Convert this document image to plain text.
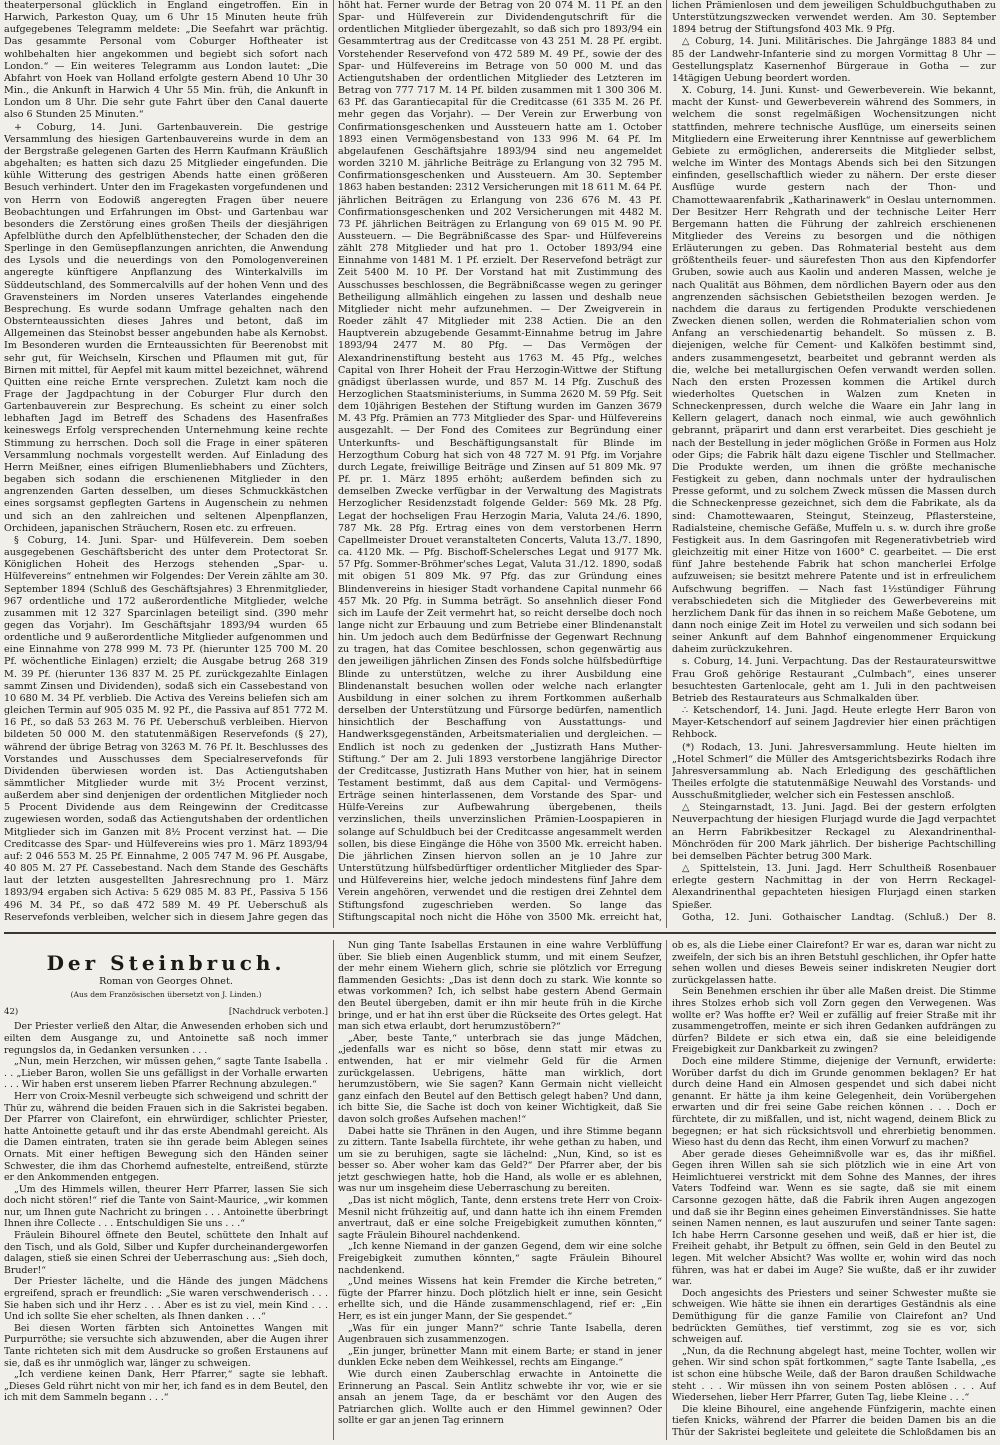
theaterpersonal glücklich in England eingetroffen. Ein in Harwich, Parkeston Quay, um 6 Uhr 15 Minuten heute früh aufgegebenes Telegramm meldete: „Die Seefahrt war prächtig. Das gesammte Personal vom Coburger Hoftheater ist wohlbehalten hier angekommen und begiebt sich sofort nach London.“ — Ein weiteres Telegramm aus London lautet: „Die Abfahrt von Hoek van Holland erfolgte gestern Abend 10 Uhr 30 Min., die Ankunft in Harwich 4 Uhr 55 Min. früh, die Ankunft in London um 8 Uhr. Die sehr gute Fahrt über den Canal dauerte also 6 Stunden 25 Minuten.“

+ Coburg, 14. Juni. Gartenbauverein. Die gestrige Versammlung des hiesigen Gartenbauvereins wurde in dem an der Bergstraße gelegenen Garten des Herrn Kaufmann Kräußlich abgehalten; es hatten sich dazu 25 Mitglieder eingefunden. Die kühle Witterung des gestrigen Abends hatte einen größeren Besuch verhindert. Unter den im Fragekasten vorgefundenen und von Herrn von Eodowiß angeregten Fragen über neuere Beobachtungen und Erfahrungen im Obst- und Gartenbau war besonders die Zerstörung eines großen Theils der diesjährigen Apfelblüthe durch den Apfelblüthenstecher, der Schaden den die Sperlinge in den Gemüsepflanzungen anrichten, die Anwendung des Lysols und die neuerdings von den Pomologenvereinen angeregte künftigere Anpflanzung des Winterkalvills im Süddeutschland, des Sommercalvills auf der hohen Venn und des Gravensteiners im Norden unseres Vaterlandes eingehende Besprechung. Es wurde sodann Umfrage gehalten nach den Obsternteaussichten dieses Jahres und betont, daß im Allgemeinen das Steinobst besser angebunden habe als Kernobst. Im Besonderen wurden die Ernteaussichten für Beerenobst mit sehr gut, für Weichseln, Kirschen und Pflaumen mit gut, für Birnen mit mittel, für Aepfel mit kaum mittel bezeichnet, während Quitten eine reiche Ernte versprechen. Zuletzt kam noch die Frage der Jagdpachtung in der Coburger Flur durch den Gartenbauverein zur Besprechung. Es scheint zu einer solch lebhaften Jagd im Betreff des Schadens des Hasenfraßes keineswegs Erfolg versprechenden Unternehmung keine rechte Stimmung zu herrschen. Doch soll die Frage in einer späteren Versammlung nochmals vorgestellt werden. Auf Einladung des Herrn Meißner, eines eifrigen Blumenliebhabers und Züchters, begaben sich sodann die erschienenen Mitglieder in den angrenzenden Garten desselben, um dieses Schmuckkästchen eines sorgsamst gepflegten Gartens in Augenschein zu nehmen und sich an den zahlreichen und seltenen Alpenpflanzen, Orchideen, japanischen Sträuchern, Rosen etc. zu erfreuen.

§ Coburg, 14. Juni. Spar- und Hülfeverein. Dem soeben ausgegebenen Geschäftsbericht des unter dem Protectorat Sr. Königlichen Hoheit des Herzogs stehenden „Spar- u. Hülfevereins“ entnehmen wir Folgendes: Der Verein zählte am 30. September 1894 (Schluß des Geschäftsjahres) 3 Ehrenmitglieder, 967 ordentliche und 172 außerordentliche Mitglieder, welche zusammen mit 12 327 Sparcinlagen beteiligt sind. (390 mehr gegen das Vorjahr). Im Geschäftsjahr 1893/94 wurden 65 ordentliche und 9 außerordentliche Mitglieder aufgenommen und eine Einnahme von 278 999 M. 73 Pf. (hierunter 125 700 M. 20 Pf. wöchentliche Einlagen) erzielt; die Ausgabe betrug 268 319 M. 39 Pf. (hierunter 136 837 M. 25 Pf. zurückgezahlte Einlagen sammt Zinsen und Dividenden), sodaß sich ein Cassebestand von 10 680 M. 34 Pf. verblieb. Die Activa des Vereins beliefen sich am gleichen Termin auf 905 035 M. 92 Pf., die Passiva auf 851 772 M. 16 Pf., so daß 53 263 M. 76 Pf. Ueberschuß verbleiben. Hiervon bildeten 50 000 M. den statutenmäßigen Reservefonds (§ 27), während der übrige Betrag von 3263 M. 76 Pf. lt. Beschlusses des Vorstandes und Ausschusses dem Specialreservefonds für Dividenden überwiesen worden ist. Das Actiengutshaben sämmtlicher Mitglieder wurde mit 3½ Procent verzinst, außerdem aber sind denjenigen der ordentlichen Mitglieder noch 5 Procent Dividende aus dem Reingewinn der Creditcasse zugewiesen worden, sodaß das Actiengutshaben der ordentlichen Mitglieder sich im Ganzen mit 8½ Procent verzinst hat. — Die Creditcasse des Spar- und Hülfevereins wies pro 1. März 1893/94 auf: 2 046 553 M. 25 Pf. Einnahme, 2 005 747 M. 96 Pf. Ausgabe, 40 805 M. 27 Pf. Cassebestand. Nach dem Stande des Geschäfts laut der letzten ausgestellten Jahresrechnung pro 1. März 1893/94 ergaben sich Activa: 5 629 085 M. 83 Pf., Passiva 5 156 496 M. 34 Pf., so daß 472 589 M. 49 Pf. Ueberschuß als Reservefonds verbleiben, welcher sich in diesem Jahre gegen das

höht hat. Ferner wurde der Betrag von 20 074 M. 11 Pf. an den Spar- und Hülfeverein zur Dividendengutschrift für die ordentlichen Mitglieder übergezahlt, so daß sich pro 1893/94 ein Gesammtertrag aus der Creditcasse von 43 251 M. 28 Pf. ergibt. Vorstehender Reservefond von 472 589 M. 49 Pf., sowie der des Spar- und Hülfevereins im Betrage von 50 000 M. und das Actiengutshaben der ordentlichen Mitglieder des Letzteren im Betrag von 777 717 M. 14 Pf. bilden zusammen mit 1 300 306 M. 63 Pf. das Garantiecapital für die Creditcasse (61 335 M. 26 Pf. mehr gegen das Vorjahr). — Der Verein zur Erwerbung von Confirmationsgeschenken und Aussteuern hatte am 1. October 1893 einen Vermögensbestand von 133 996 M. 64 Pf. Im abgelaufenen Geschäftsjahre 1893/94 sind neu angemeldet worden 3210 M. jährliche Beiträge zu Erlangung von 32 795 M. Confirmationsgeschenken und Aussteuern. Am 30. September 1863 haben bestanden: 2312 Versicherungen mit 18 611 M. 64 Pf. jährlichen Beiträgen zu Erlangung von 236 676 M. 43 Pf. Confirmationsgeschenken und 202 Versicherungen mit 4482 M. 73 Pf. jährlichen Beiträgen zu Erlangung von 69 015 M. 90 Pf. Aussteuern. — Die Begräbnißcasse des Spar- und Hülfevereins zählt 278 Mitglieder und hat pro 1. October 1893/94 eine Einnahme von 1481 M. 1 Pf. erzielt. Der Reservefond beträgt zur Zeit 5400 M. 10 Pf. Der Vorstand hat mit Zustimmung des Ausschusses beschlossen, die Begräbnißcasse wegen zu geringer Betheiligung allmählich eingehen zu lassen und deshalb neue Mitglieder nicht mehr aufzunehmen. — Der Zweigverein in Roeder zählt 47 Mitglieder mit 238 Actien. Die an den Hauptverein abzugebende Gesammt-Einnahme betrug im Jahre 1893/94 2477 M. 80 Pfg. — Das Vermögen der Alexandrinenstiftung besteht aus 1763 M. 45 Pfg., welches Capital von Ihrer Hoheit der Frau Herzogin-Wittwe der Stiftung gnädigst überlassen wurde, und 857 M. 14 Pfg. Zuschuß des Herzoglichen Staatsministeriums, in Summa 2620 M. 59 Pfg. Seit dem 10jährigen Bestehen der Stiftung wurden im Ganzen 3679 M. 43 Pfg. Prämien an 773 Mitglieder des Spar- und Hülfevereins ausgezahlt. — Der Fond des Comitees zur Begründung einer Unterkunfts- und Beschäftigungsanstalt für Blinde im Herzogthum Coburg hat sich von 48 727 M. 91 Pfg. im Vorjahre durch Legate, freiwillige Beiträge und Zinsen auf 51 809 Mk. 97 Pf. pr. 1. März 1895 erhöht; außerdem befinden sich zu demselben Zwecke verfügbar in der Verwaltung des Magistrats Herzoglicher Residenzstadt folgende Gelder: 569 Mk. 28 Pfg. Legat der hochseligen Frau Herzogin Maria, Valuta 24./6. 1890, 787 Mk. 28 Pfg. Ertrag eines von dem verstorbenen Herrn Capellmeister Drouet veranstalteten Concerts, Valuta 13./7. 1890, ca. 4120 Mk. — Pfg. Bischoff-Schelersches Legat und 9177 Mk. 57 Pfg. Sommer-Bröhmer'sches Legat, Valuta 31./12. 1890, sodaß mit obigen 51 809 Mk. 97 Pfg. das zur Gründung eines Blindenvereins in hiesiger Stadt vorhandene Capital nunmehr 66 457 Mk. 20 Pfg. in Summa beträgt. So ansehnlich dieser Fond sich im Laufe der Zeit vermehrt hat, so reicht derselbe doch noch lange nicht zur Erbauung und zum Betriebe einer Blindenanstalt hin. Um jedoch auch dem Bedürfnisse der Gegenwart Rechnung zu tragen, hat das Comitee beschlossen, schon gegenwärtig aus den jeweiligen jährlichen Zinsen des Fonds solche hülfsbedürftige Blinde zu unterstützen, welche zu ihrer Ausbildung eine Blindenanstalt besuchen wollen oder welche nach erlangter Ausbildung in einer solchen zu ihrem Fortkommen außerhalb derselben der Unterstützung und Fürsorge bedürfen, namentlich hinsichtlich der Beschaffung von Ausstattungs- und Handwerksgegenständen, Arbeitsmaterialien und dergleichen. — Endlich ist noch zu gedenken der „Justizrath Hans Muther-Stiftung.“ Der am 2. Juli 1893 verstorbene langjährige Director der Creditcasse, Justizrath Hans Muther von hier, hat in seinem Testament bestimmt, daß aus dem Capital- und Vermögens-Erträge seinen hinterlassenen, dem Vorstande des Spar- und Hülfe-Vereins zur Aufbewahrung übergebenen, theils verzinslichen, theils unverzinslichen Prämien-Loospapieren in solange auf Schuldbuch bei der Creditcasse angesammelt werden sollen, bis diese Eingänge die Höhe von 3500 Mk. erreicht haben. Die jährlichen Zinsen hiervon sollen an je 10 Jahre zur Unterstützung hülfsbedürftiger ordentlicher Mitglieder des Spar- und Hülfevereins hier, welche jedoch mindestens fünf Jahre dem Verein angehören, verwendet und die restigen drei Zehntel dem Stiftungsfond zugeschrieben werden. So lange das Stiftungscapital noch nicht die Höhe von 3500 Mk. erreicht hat,

lichen Prämienlosen und dem jeweiligen Schuldbuchguthaben zu Unterstützungszwecken verwendet werden. Am 30. September 1894 betrug der Stiftungsfond 403 Mk. 9 Pfg.

△ Coburg, 14. Juni. Militärisches. Die Jahrgänge 1883 84 und 85 der Landwehr-Infanterie sind zu morgen Vormittag 8 Uhr — Gestellungsplatz Kasernenhof Bürgeraue in Gotha — zur 14tägigen Uebung beordert worden.

X. Coburg, 14. Juni. Kunst- und Gewerbeverein. Wie bekannt, macht der Kunst- und Gewerbeverein während des Sommers, in welchem die sonst regelmäßigen Wochensitzungen nicht stattfinden, mehrere technische Ausflüge, um einerseits seinen Mitgliedern eine Erweiterung ihrer Kenntnisse auf gewerblichem Gebiete zu ermöglichen, andererseits die Mitglieder selbst, welche im Winter des Montags Abends sich bei den Sitzungen einfinden, gesellschaftlich wieder zu nähern. Der erste dieser Ausflüge wurde gestern nach der Thon- und Chamottewaarenfabrik „Katharinawerk“ in Oeslau unternommen. Der Besitzer Herr Rehgrath und der technische Leiter Herr Bergemann hatten die Führung der zahlreich erschienenen Mitglieder des Vereins zu besorgen und die nöthigen Erläuterungen zu geben. Das Rohmaterial besteht aus dem größtentheils feuer- und säurefesten Thon aus den Kipfendorfer Gruben, sowie auch aus Kaolin und anderen Massen, welche je nach Qualität aus Böhmen, dem nördlichen Bayern oder aus den angrenzenden sächsischen Gebietstheilen bezogen werden. Je nachdem die daraus zu fertigenden Produkte verschiedenen Zwecken dienen sollen, werden die Rohmaterialien schon vom Anfang an verschiedenartig behandelt. So müssen z. B. diejenigen, welche für Cement- und Kalköfen bestimmt sind, anders zusammengesetzt, bearbeitet und gebrannt werden als die, welche bei metallurgischen Oefen verwandt werden sollen. Nach den ersten Prozessen kommen die Artikel durch wiederholtes Quetschen in Walzen zum Kneten in Schneckenpressen, durch welche die Waare ein Jahr lang in Kellern gelagert, danach noch einmal, wie auch gewöhnlich gebrannt, präparirt und dann erst verarbeitet. Dies geschieht je nach der Bestellung in jeder möglichen Größe in Formen aus Holz oder Gips; die Fabrik hält dazu eigene Tischler und Stellmacher. Die Produkte werden, um ihnen die größte mechanische Festigkeit zu geben, dann nochmals unter der hydraulischen Presse geformt, und zu solchem Zweck müssen die Massen durch die Schneckenpresse gezeichnet, sich dem die Fabrikate, als da sind: Chamottewaaren, Steingut, Steinzeug, Pflastersteine, Radialsteine, chemische Gefäße, Muffeln u. s. w. durch ihre große Festigkeit aus. In dem Gasringofen mit Regenerativbetrieb wird gleichzeitig mit einer Hitze von 1600° C. gearbeitet. — Die erst fünf Jahre bestehende Fabrik hat schon mancherlei Erfolge aufzuweisen; sie besitzt mehrere Patente und ist in erfreulichem Aufschwung begriffen. — Nach fast 1½stündiger Führung verabschiedeten sich die Mitglieder des Gewerbevereins mit herzlichem Dank für das ihnen in so reichem Maße Gebotene, um dann noch einige Zeit im Hotel zu verweilen und sich sodann bei seiner Ankunft auf dem Bahnhof eingenommener Erquickung daheim zurückzukehren.

s. Coburg, 14. Juni. Verpachtung. Das der Restaurateurswittwe Frau Groß gehörige Restaurant „Culmbach“, eines unserer besuchtesten Gartenlocale, geht am 1. Juli in den pachtweisen Betrieb des Restaurateurs aus Schmalkalden über.

∴ Ketschendorf, 14. Juni. Jagd. Heute erlegte Herr Baron von Mayer-Ketschendorf auf seinem Jagdrevier hier einen prächtigen Rehbock.

(*) Rodach, 13. Juni. Jahresversammlung. Heute hielten im „Hotel Schmerl“ die Müller des Amtsgerichtsbezirks Rodach ihre Jahresversammlung ab. Nach Erledigung des geschäftlichen Theiles erfolgte die statutenmäßige Neuwahl des Vorstands- und Ausschußmitglieder, welcher sich ein Festessen anschloß.

△ Steingarnstadt, 13. Juni. Jagd. Bei der gestern erfolgten Neuverpachtung der hiesigen Flurjagd wurde die Jagd verpachtet an Herrn Fabrikbesitzer Reckagel zu Alexandrinenthal-Mönchröden für 200 Mark jährlich. Der bisherige Pachtschilling bei demselben Pächter betrug 300 Mark.

△ Spittelstein, 13. Juni. Jagd. Herr Schultheiß Rosenbauer erlegte gestern Nachmittag in der von Herrn Reckagel-Alexandrinenthal gepachteten hiesigen Flurjagd einen starken Spießer.

Gotha, 12. Juni. Gothaischer Landtag. (Schluß.) Der 8.

Der Steinbruch.
Roman von Georges Ohnet.
(Aus dem Französischen übersetzt von J. Linden.)
42)	[Nachdruck verboten.]

Der Priester verließ den Altar, die Anwesenden erhoben sich und eilten dem Ausgange zu, und Antoinette saß noch immer regungslos da, in Gedanken versunken . . .

„Nun, mein Herzchen, wir müssen gehen,“ sagte Tante Isabella . . . „Lieber Baron, wollen Sie uns gefälligst in der Vorhalle erwarten . . . Wir haben erst unserem lieben Pfarrer Rechnung abzulegen.“

Herr von Croix-Mesnil verbeugte sich schweigend und schritt der Thür zu, während die beiden Frauen sich in die Sakristei begaben. Der Pfarrer von Clairefont, ein ehrwürdiger, schlichter Priester, hatte Antoinette getauft und ihr das erste Abendmahl gereicht. Als die Damen eintraten, traten sie ihn gerade beim Ablegen seines Ornats. Mit einer heftigen Bewegung sich den Händen seiner Schwester, die ihm das Chorhemd aufnestelte, entreißend, stürzte er den Ankommenden entgegen.

„Um des Himmels willen, theurer Herr Pfarrer, lassen Sie sich doch nicht stören!“ rief die Tante von Saint-Maurice, „wir kommen nur, um Ihnen gute Nachricht zu bringen . . . Antoinette überbringt Ihnen ihre Collecte . . . Entschuldigen Sie uns . . .“

Fräulein Bihourel öffnete den Beutel, schüttete den Inhalt auf den Tisch, und als Gold, Silber und Kupfer durcheinandergeworfen dalagen, stieß sie einen Schrei der Ueberraschung aus: „Sieh doch, Bruder!“

Der Priester lächelte, und die Hände des jungen Mädchens ergreifend, sprach er freundlich: „Sie waren verschwenderisch . . . Sie haben sich und ihr Herz . . . Aber es ist zu viel, mein Kind . . . Und ich sollte Sie eher schelten, als Ihnen danken . . .“

Bei diesen Worten färbten sich Antoinettes Wangen mit Purpurröthe; sie versuchte sich abzuwenden, aber die Augen ihrer Tante richteten sich mit dem Ausdrucke so großen Erstaunens auf sie, daß es ihr unmöglich war, länger zu schweigen.

„Ich verdiene keinen Dank, Herr Pfarrer,“ sagte sie lebhaft. „Dieses Geld rührt nicht von mir her, ich fand es in dem Beutel, den ich mit dem Sammeln begann . . .“

Nun ging Tante Isabellas Erstaunen in eine wahre Verblüffung über. Sie blieb einen Augenblick stumm, und mit einem Seufzer, der mehr einem Wiehern glich, schrie sie plötzlich vor Erregung flammenden Gesichts: „Das ist denn doch zu stark. Wie konnte so etwas vorkommen? Ich, ich selbst habe gestern Abend Germain den Beutel übergeben, damit er ihn mir heute früh in die Kirche bringe, und er hat ihn erst über die Rückseite des Ortes gelegt. Hat man sich etwa erlaubt, dort herumzustöbern?“

„Aber, beste Tante,“ unterbrach sie das junge Mädchen, „jedenfalls war es nicht so böse, denn statt mir etwas zu entwenden, hat er mir vielmehr Geld für die Armen zurückgelassen. Uebrigens, hätte man wirklich, dort herumzustöbern, wie Sie sagen? Kann Germain nicht vielleicht ganz einfach den Beutel auf den Bettisch gelegt haben? Und dann, ich bitte Sie, die Sache ist doch von keiner Wichtigkeit, daß Sie davon solch großes Aufsehen machen!“

Dabei hatte sie Thränen in den Augen, und ihre Stimme begann zu zittern. Tante Isabella fürchtete, ihr wehe gethan zu haben, und um sie zu beruhigen, sagte sie lächelnd: „Nun, Kind, so ist es besser so. Aber woher kam das Geld?“ Der Pfarrer aber, der bis jetzt geschwiegen hatte, hob die Hand, als wolle er es ablehnen, was nur um insgeheim diese Ueberraschung zu bereiten.

„Das ist nicht möglich, Tante, denn erstens trete Herr von Croix-Mesnil nicht frühzeitig auf, und dann hatte ich ihn einem Fremden anvertraut, daß er eine solche Freigebigkeit zumuthen könnten,“ sagte Fräulein Bihourel nachdenkend.

„Ich kenne Niemand in der ganzen Gegend, dem wir eine solche Freigebigkeit zumuthen könnten,“ sagte Fräulein Bihourel nachdenkend.

„Und meines Wissens hat kein Fremder die Kirche betreten,“ fügte der Pfarrer hinzu. Doch plötzlich hielt er inne, sein Gesicht erhellte sich, und die Hände zusammenschlagend, rief er: „Ein Herr, es ist ein junger Mann, der Sie gespendet.“

„Was für ein junger Mann?“ schrie Tante Isabella, deren Augenbrauen sich zusammenzogen.

„Ein junger, brünetter Mann mit einem Barte; er stand in jener dunklen Ecke neben dem Weihkessel, rechts am Eingange.“

Wie durch einen Zauberschlag erwachte in Antoinette die Erinnerung an Pascal. Sein Antlitz schwebte ihr vor, wie er sie ansah an jenem Tage, da er beschämt vor den Augen des Patriarchen glich. Wollte auch er den Himmel gewinnen? Oder sollte er gar an jenen Tag erinnern

ob es, als die Liebe einer Clairefont? Er war es, daran war nicht zu zweifeln, der sich bis an ihren Betstuhl geschlichen, ihr Opfer hatte sehen wollen und dieses Beweis seiner indiskreten Neugier dort zurückgelassen hatte.

Sein Benehmen erschien ihr über alle Maßen dreist. Die Stimme ihres Stolzes erhob sich voll Zorn gegen den Verwegenen. Was wollte er? Was hoffte er? Weil er zufällig auf freier Straße mit ihr zusammengetroffen, meinte er sich ihren Gedanken aufdrängen zu dürfen? Bildete er sich etwa ein, daß sie eine beleidigende Freigebigkeit zur Dankbarkeit zu zwingen?

Doch eine mildere Stimme, diejenige der Vernunft, erwiderte: Worüber darfst du dich im Grunde genommen beklagen? Er hat durch deine Hand ein Almosen gespendet und sich dabei nicht genannt. Er hätte ja ihm keine Gelegenheit, dein Vorübergehen erwarten und dir frei seine Gabe reichen können . . . Doch er fürchtete, dir zu mißfallen, und ist, nicht wagend, deinem Blick zu begegnen; er hat sich rücksichtsvoll und ehrerbietig benommen. Wieso hast du denn das Recht, ihm einen Vorwurf zu machen?

Aber gerade dieses Geheimnißvolle war es, das ihr mißfiel. Gegen ihren Willen sah sie sich plötzlich wie in eine Art von Heimlichtuerei verstrickt mit dem Sohne des Mannes, der ihres Vaters Todfeind war. Wenn es sie sagte, daß sie mit einem Carsonne gezogen hätte, daß die Fabrik ihren Augen angezogen und daß sie ihr Beginn eines geheimen Einverständnisses. Sie hatte seinen Namen nennen, es laut auszurufen und seiner Tante sagen: Ich habe Herrn Carsonne gesehen und weiß, daß er hier ist, die Freiheit gehabt, ihr Betpult zu öffnen, sein Geld in den Beutel zu legen. Mit welcher Absicht? Was wollte er, wohin wird das noch führen, was hat er dabei im Auge? Sie wußte, daß er ihr zuwider war.

Doch angesichts des Priesters und seiner Schwester mußte sie schweigen. Wie hätte sie ihnen ein derartiges Geständnis als eine Demüthigung für die ganze Familie von Clairefont an? Und bedrückten Gemüthes, tief verstimmt, zog sie es vor, sich schweigen auf.

„Nun, da die Rechnung abgelegt hast, meine Tochter, wollen wir gehen. Wir sind schon spät fortkommen,“ sagte Tante Isabella, „es ist schon eine hübsche Weile, daß der Baron draußen Schildwache steht . . . Wir müssen ihn von seinem Posten ablösen . . . Auf Wiedersehen, lieber Herr Pfarrer, Guten Tag, liebe Kleine . . .“

Die kleine Bihourel, eine angehende Fünfzigerin, machte einen tiefen Knicks, während der Pfarrer die beiden Damen bis an die Thür der Sakristei begleitete und geleitete die Schloßdamen bis an
